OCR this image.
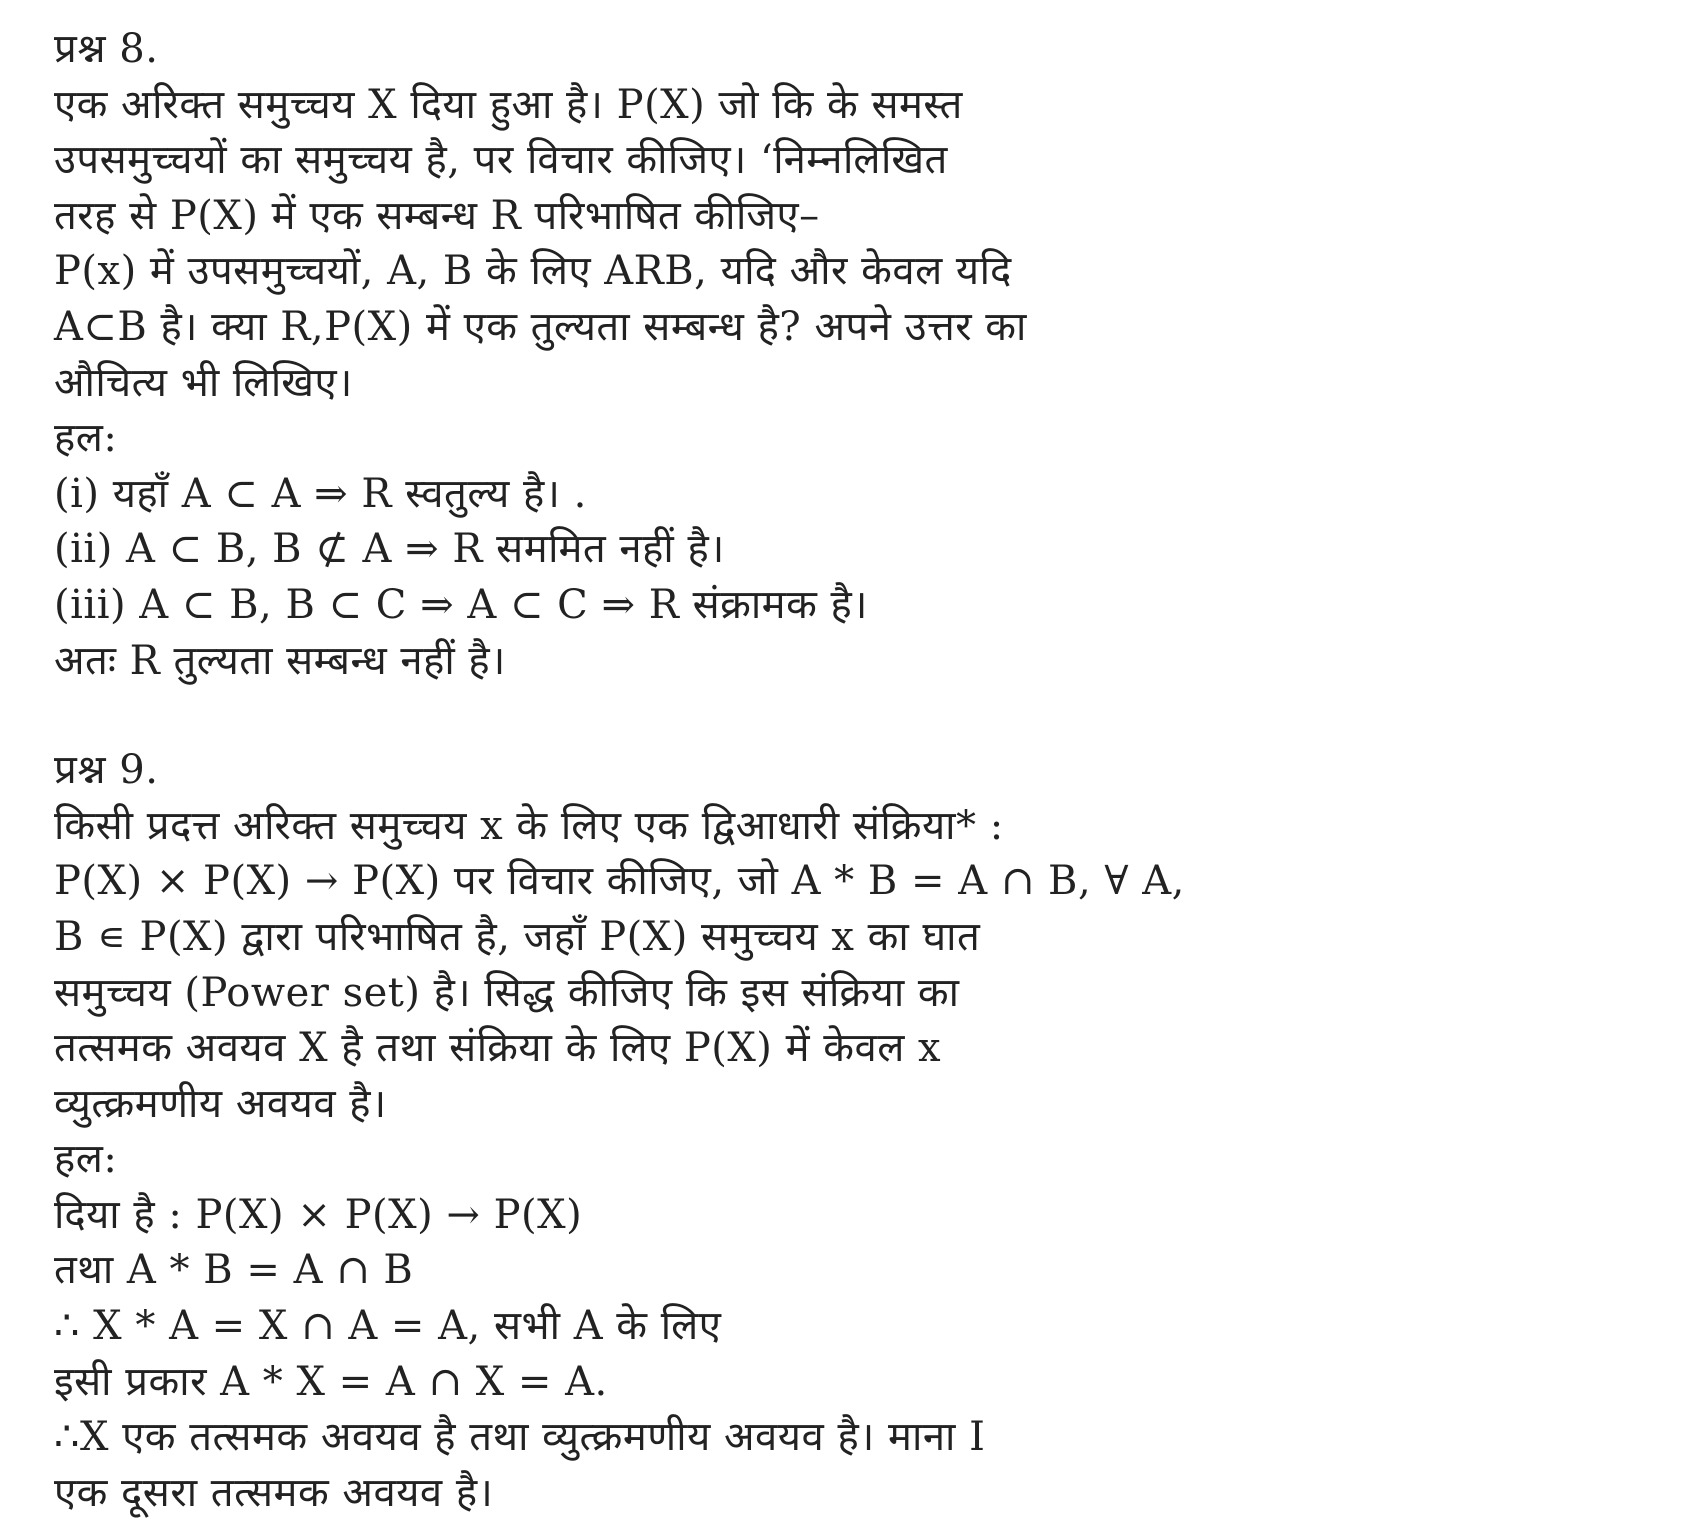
प्रश्न 8.
एक अरिक्त समुच्चय X दिया हुआ है। P(X) जो कि के समस्त
उपसमुच्चयों का समुच्चय है, पर विचार कीजिए। ‘निम्नलिखित
तरह से P(X) में एक सम्बन्ध R परिभाषित कीजिए–
P(x) में उपसमुच्चयों, A, B के लिए ARB, यदि और केवल यदि
A⊂B है। क्या R,P(X) में एक तुल्यता सम्बन्ध है? अपने उत्तर का
औचित्य भी लिखिए।
हल:
(i) यहाँ A ⊂ A ⇒ R स्वतुल्य है। .
(ii) A ⊂ B, B ⊄ A ⇒ R सममित नहीं है।
(iii) A ⊂ B, B ⊂ C ⇒ A ⊂ C ⇒ R संक्रामक है।
अतः R तुल्यता सम्बन्ध नहीं है।
प्रश्न 9.
किसी प्रदत्त अरिक्त समुच्चय x के लिए एक द्विआधारी संक्रिया* :
P(X) × P(X) → P(X) पर विचार कीजिए, जो A * B = A ∩ B, ∀ A,
B ∊ P(X) द्वारा परिभाषित है, जहाँ P(X) समुच्चय x का घात
समुच्चय (Power set) है। सिद्ध कीजिए कि इस संक्रिया का
तत्समक अवयव X है तथा संक्रिया के लिए P(X) में केवल x
व्युत्क्रमणीय अवयव है।
हल:
दिया है : P(X) × P(X) → P(X)
तथा A * B = A ∩ B
∴ X * A = X ∩ A = A, सभी A के लिए
इसी प्रकार A * X = A ∩ X = A.
∴X एक तत्समक अवयव है तथा व्युत्क्रमणीय अवयव है। माना I
एक दूसरा तत्समक अवयव है।
